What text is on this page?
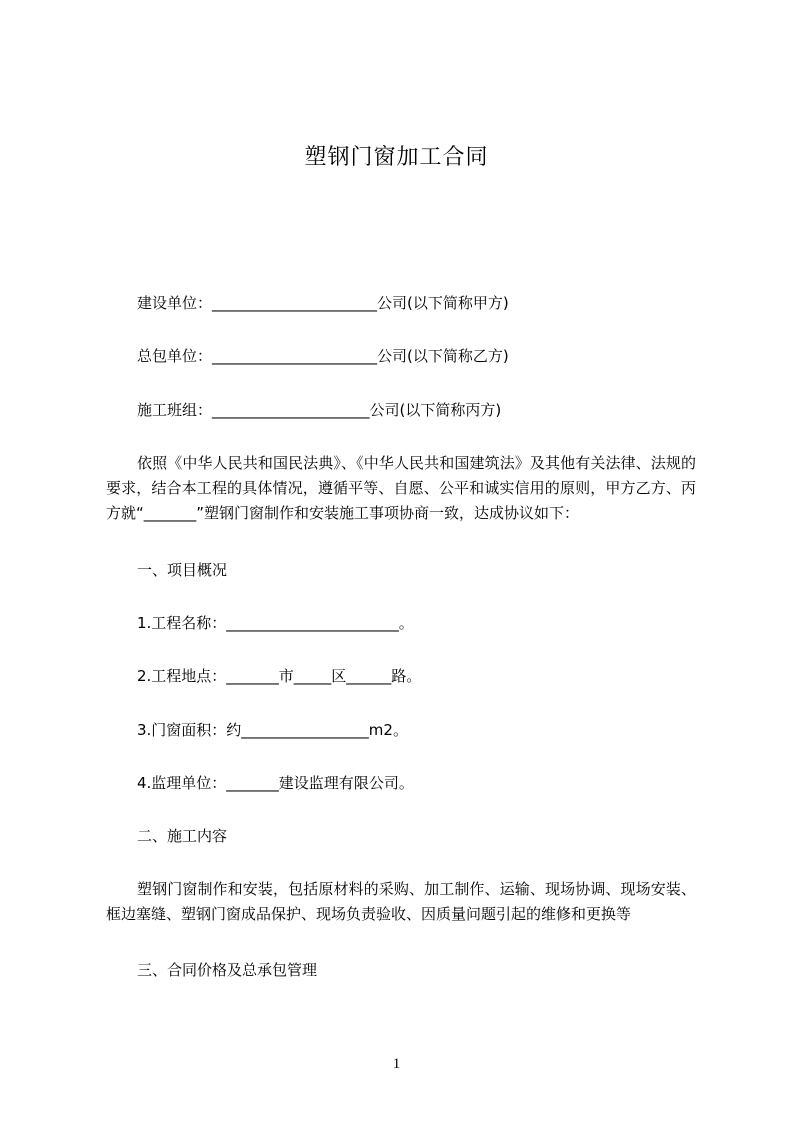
塑钢门窗加工合同
建设单位：______________________公司(以下简称甲方)
总包单位：______________________公司(以下简称乙方)
施工班组：_____________________公司(以下简称丙方)
依照《中华人民共和国民法典》、《中华人民共和国建筑法》及其他有关法律、法规的要求，结合本工程的具体情况，遵循平等、自愿、公平和诚实信用的原则，甲方乙方、丙方就“_______”塑钢门窗制作和安装施工事项协商一致，达成协议如下：
一、项目概况
1.工程名称：_______________________。
2.工程地点：_______市_____区______路。
3.门窗面积：约_________________m2。
4.监理单位：_______建设监理有限公司。
二、施工内容
塑钢门窗制作和安装，包括原材料的采购、加工制作、运输、现场协调、现场安装、框边塞缝、塑钢门窗成品保护、现场负责验收、因质量问题引起的维修和更换等
三、合同价格及总承包管理
1
